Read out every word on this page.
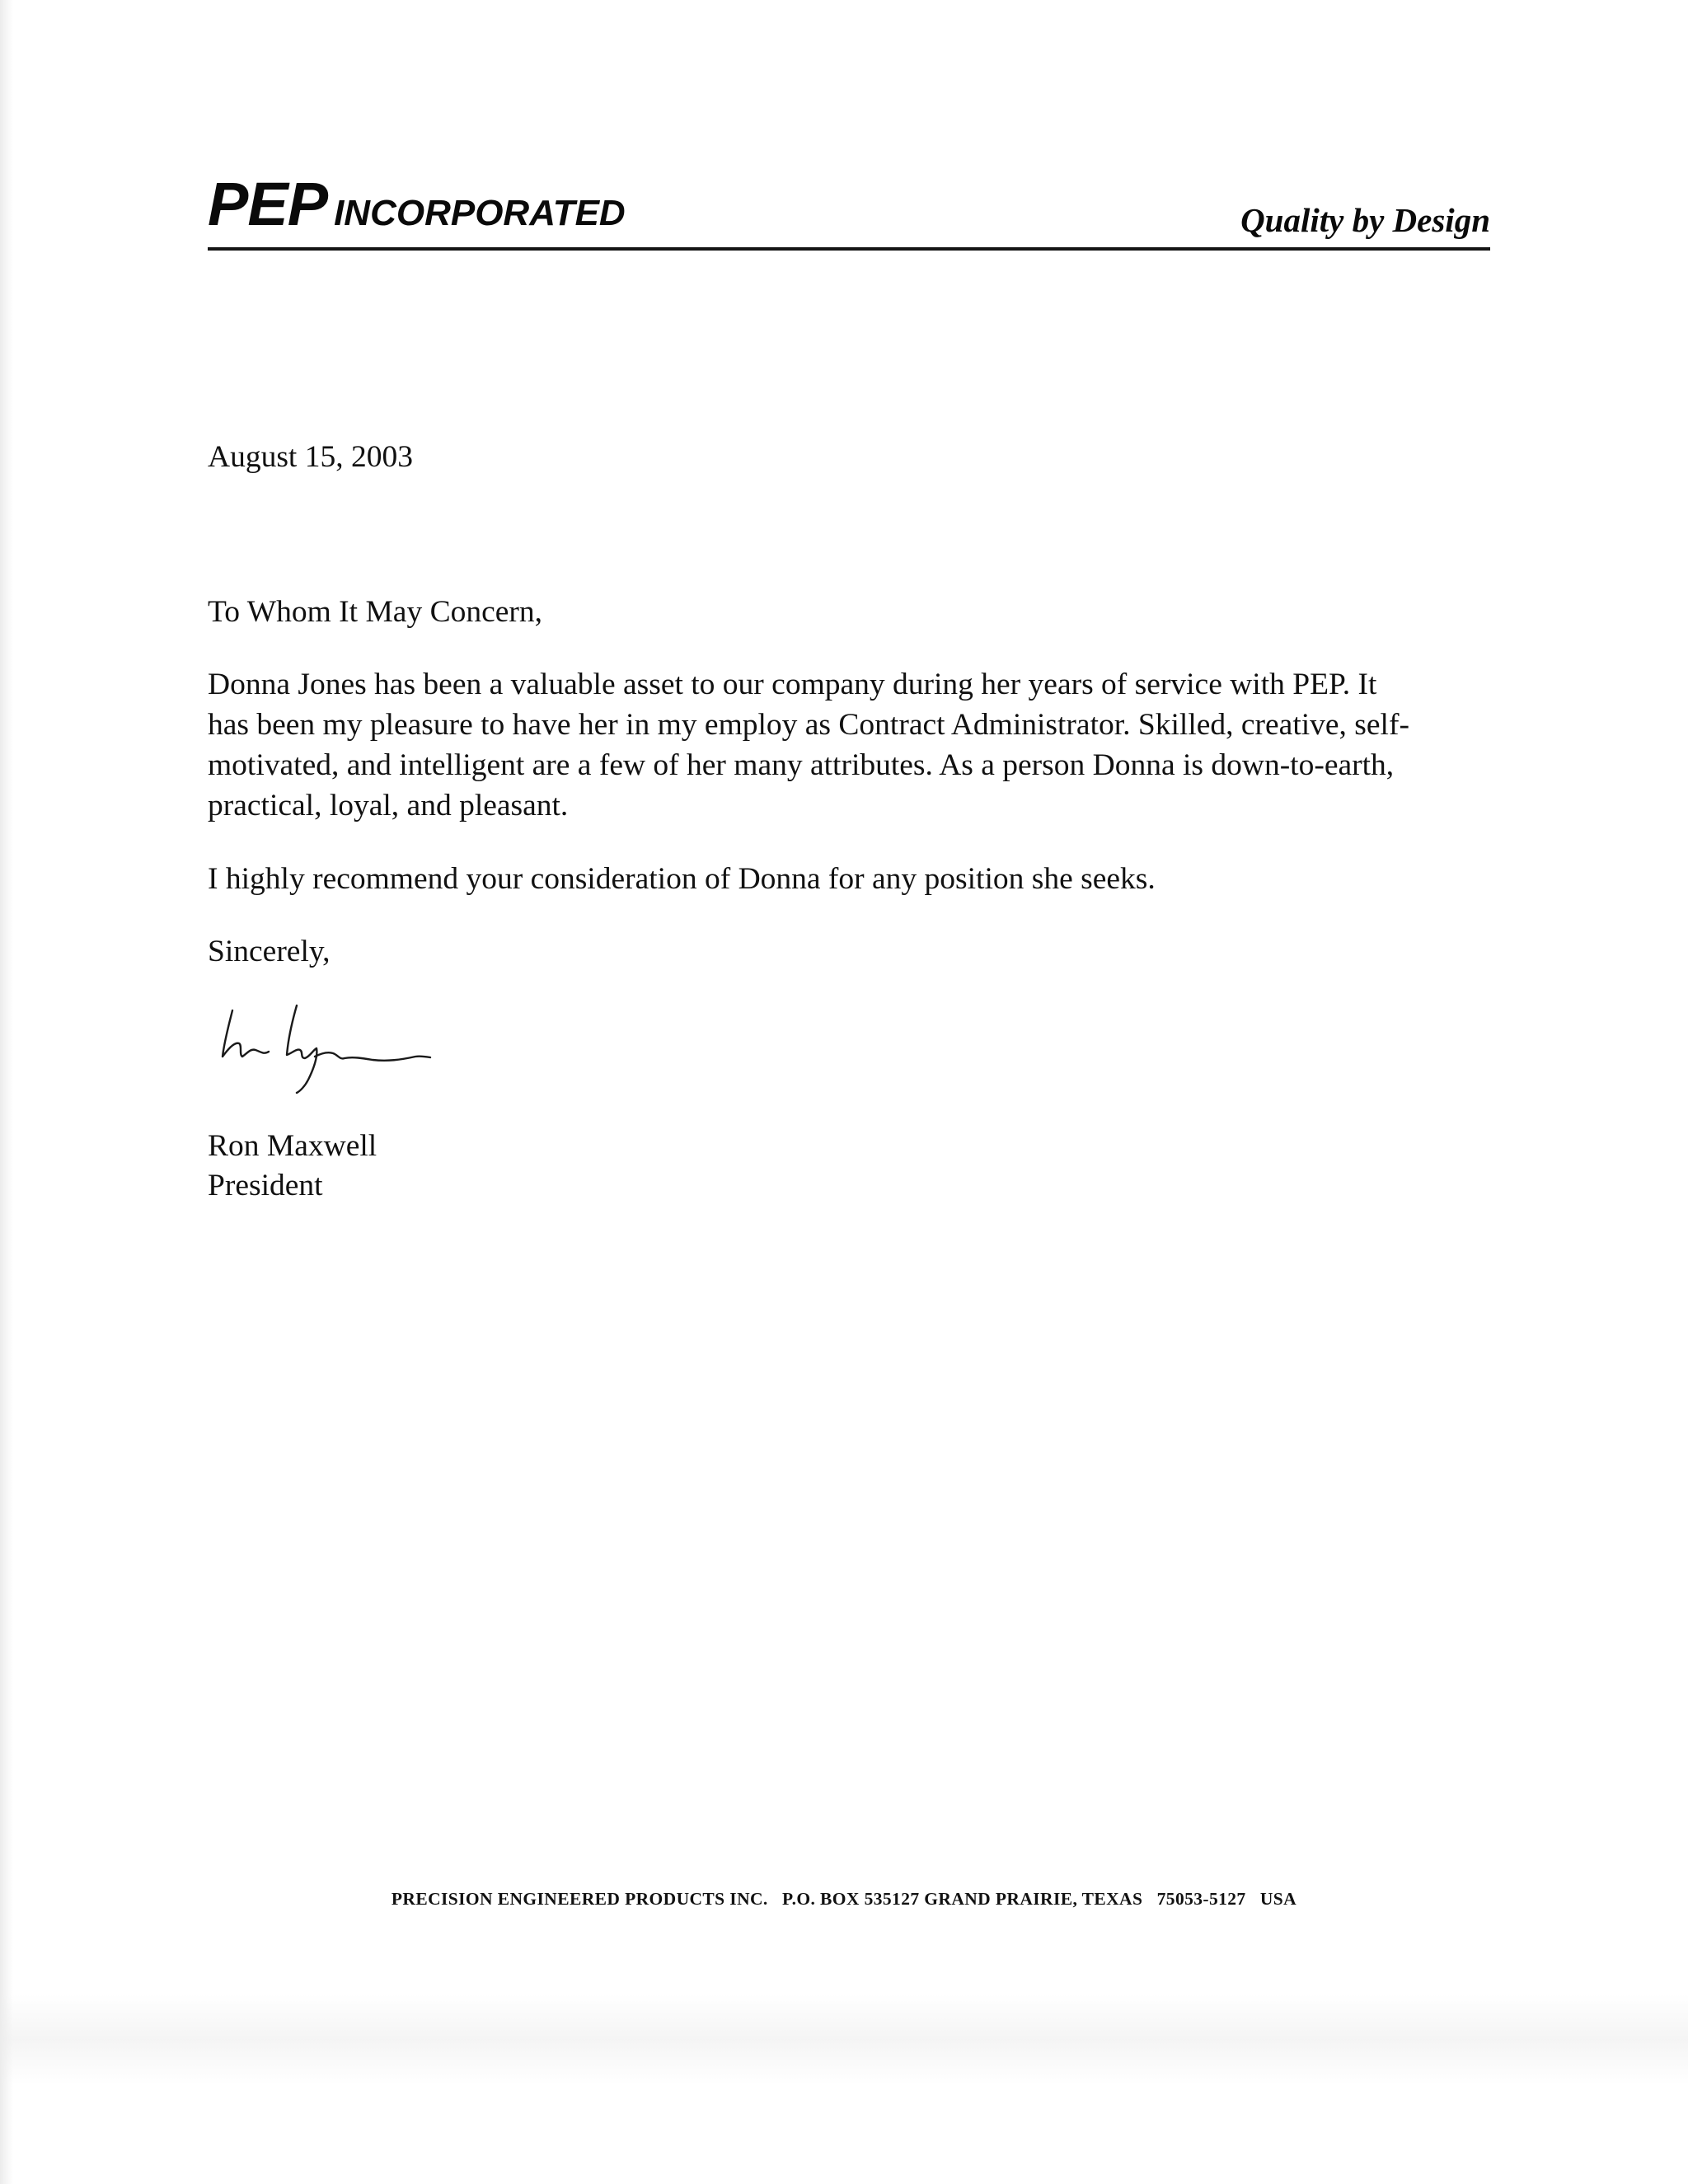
PEP INCORPORATED	Quality by Design
August 15, 2003
To Whom It May Concern,
Donna Jones has been a valuable asset to our company during her years of service with PEP. It
has been my pleasure to have her in my employ as Contract Administrator. Skilled, creative, self-
motivated, and intelligent are a few of her many attributes. As a person Donna is down-to-earth,
practical, loyal, and pleasant.
I highly recommend your consideration of Donna for any position she seeks.
Sincerely,
Ron Maxwell
President
PRECISION ENGINEERED PRODUCTS INC.   P.O. BOX 535127 GRAND PRAIRIE, TEXAS   75053-5127   USA
